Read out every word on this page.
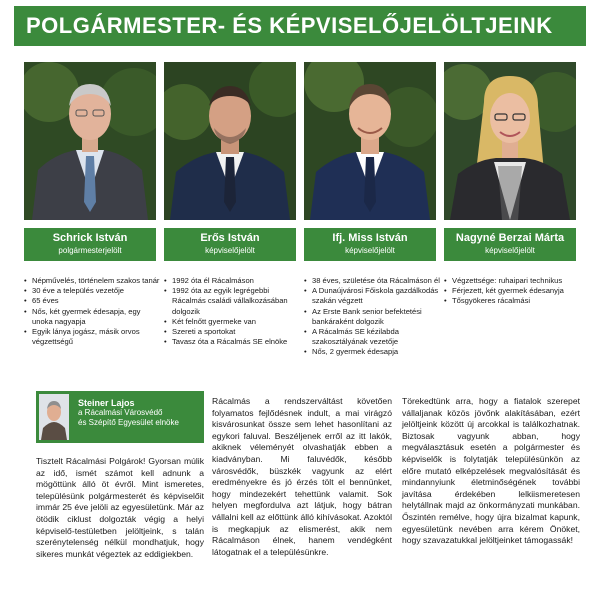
POLGÁRMESTER- ÉS KÉPVISELŐJELÖLTJEINK
Schrick István
polgármesterjelölt
• Népművelés, történelem szakos tanár
• 30 éve a település vezetője
• 65 éves
• Nős, két gyermek édesapja, egy unoka nagyapja
• Egyik lánya jogász, másik orvos végzettségű
Erős István
képviselőjelölt
• 1992 óta él Rácalmáson
• 1992 óta az egyik legrégebbi Rácalmás családi vállalkozásában dolgozik
• Két felnőtt gyermeke van
• Szereti a sportokat
• Tavasz óta a Rácalmás SE elnöke
Ifj. Miss István
képviselőjelölt
• 38 éves, születése óta Rácalmáson él
• A Dunaújvárosi Főiskola gazdálkodás szakán végzett
• Az Erste Bank senior befektetési bankáraként dolgozik
• A Rácalmás SE kézilabda szakosztályának vezetője
• Nős, 2 gyermek édesapja
Nagyné Berzai Márta
képviselőjelölt
• Végzettsége: ruhaipari technikus
• Férjezett, két gyermek édesanyja
• Tősgyökeres rácalmási
Steiner Lajos
a Rácalmási Városvédő
és Szépítő Egyesület elnöke

Tisztelt Rácalmási Polgárok! Gyorsan múlik az idő, ismét számot kell adnunk a mögöttünk álló öt évről. Mint ismeretes, településünk polgármesterét és képviselőit immár 25 éve jelöli az egyesületünk. Már az ötödik ciklust dolgozták végig a helyi képviselő-testületben jelöltjeink, s talán szerénytelenség nélkül mondhatjuk, hogy sikeres munkát végeztek az eddigiekben.

Rácalmás a rendszerváltást követően folyamatos fejlődésnek indult, a mai virágzó kisvárosunkat össze sem lehet hasonlítani az egykori faluval. Beszéljenek erről az itt lakók, akiknek véleményét olvashatják ebben a kiadványban. Mi faluvédők, később városvédők, büszkék vagyunk az elért eredményekre és jó érzés tölt el bennünket, hogy mindezekért tehettünk valamit. Sok helyen megfordulva azt látjuk, hogy bátran vállalni kell az előttünk álló kihívásokat. Azoktól is megkapjuk az elismerést, akik nem Rácalmáson élnek, hanem vendégként látogatnak el a településünkre.

Törekedtünk arra, hogy a fiatalok szerepet vállaljanak közös jövőnk alakításában, ezért jelöltjeink között új arcokkal is találkozhatnak. Biztosak vagyunk abban, hogy megválasztásuk esetén a polgármester és képviselők is folytatják településünkön az előre mutató elképzelések megvalósítását és mindannyiunk életminőségének további javítása érdekében lelkiismeretesen helytállnak majd az önkormányzati munkában. Őszintén remélve, hogy újra bizalmat kapunk, egyesületünk nevében arra kérem Önöket, hogy szavazatukkal jelöltjeinket támogassák!
